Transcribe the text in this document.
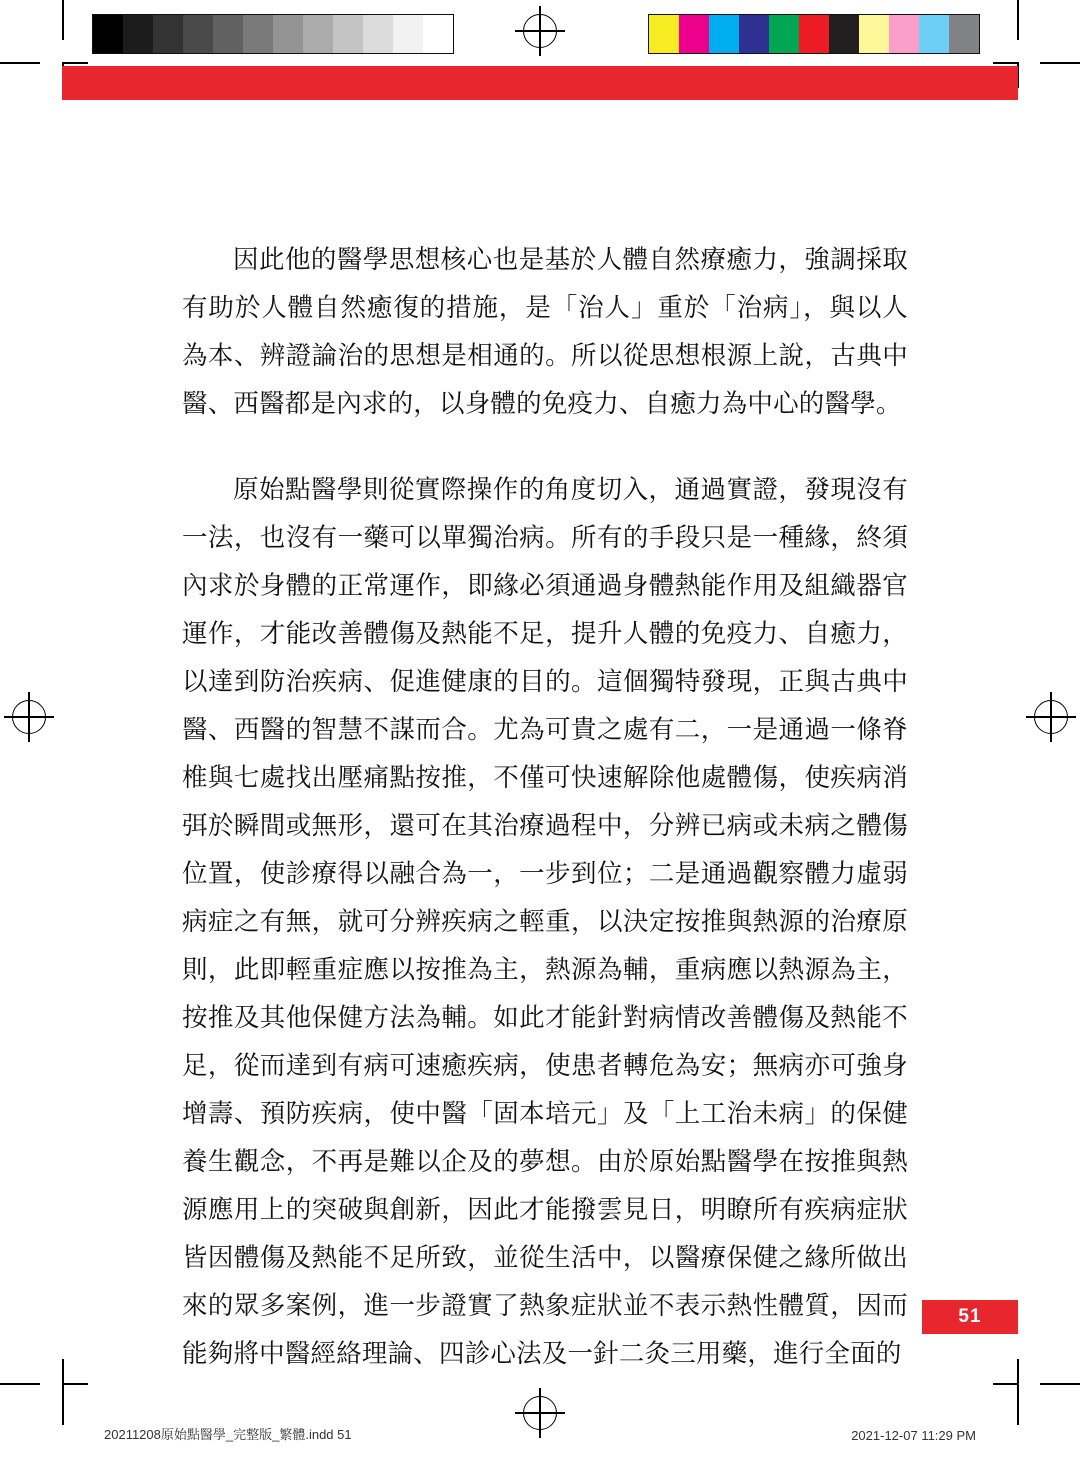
因此他的醫學思想核心也是基於人體自然療癒力，強調採取有助於人體自然癒復的措施，是「治人」重於「治病」，與以人為本、辨證論治的思想是相通的。所以從思想根源上說，古典中醫、西醫都是內求的，以身體的免疫力、自癒力為中心的醫學。

原始點醫學則從實際操作的角度切入，通過實證，發現沒有一法，也沒有一藥可以單獨治病。所有的手段只是一種緣，終須內求於身體的正常運作，即緣必須通過身體熱能作用及組織器官運作，才能改善體傷及熱能不足，提升人體的免疫力、自癒力，以達到防治疾病、促進健康的目的。這個獨特發現，正與古典中醫、西醫的智慧不謀而合。尤為可貴之處有二，一是通過一條脊椎與七處找出壓痛點按推，不僅可快速解除他處體傷，使疾病消弭於瞬間或無形，還可在其治療過程中，分辨已病或未病之體傷位置，使診療得以融合為一，一步到位；二是通過觀察體力虛弱病症之有無，就可分辨疾病之輕重，以決定按推與熱源的治療原則，此即輕重症應以按推為主，熱源為輔，重病應以熱源為主，按推及其他保健方法為輔。如此才能針對病情改善體傷及熱能不足，從而達到有病可速癒疾病，使患者轉危為安；無病亦可強身增壽、預防疾病，使中醫「固本培元」及「上工治未病」的保健養生觀念，不再是難以企及的夢想。由於原始點醫學在按推與熱源應用上的突破與創新，因此才能撥雲見日，明瞭所有疾病症狀皆因體傷及熱能不足所致，並從生活中，以醫療保健之緣所做出來的眾多案例，進一步證實了熱象症狀並不表示熱性體質，因而能夠將中醫經絡理論、四診心法及一針二灸三用藥，進行全面的

51
20211208原始點醫學_完整版_繁體.indd 51	2021-12-07 11:29 PM
